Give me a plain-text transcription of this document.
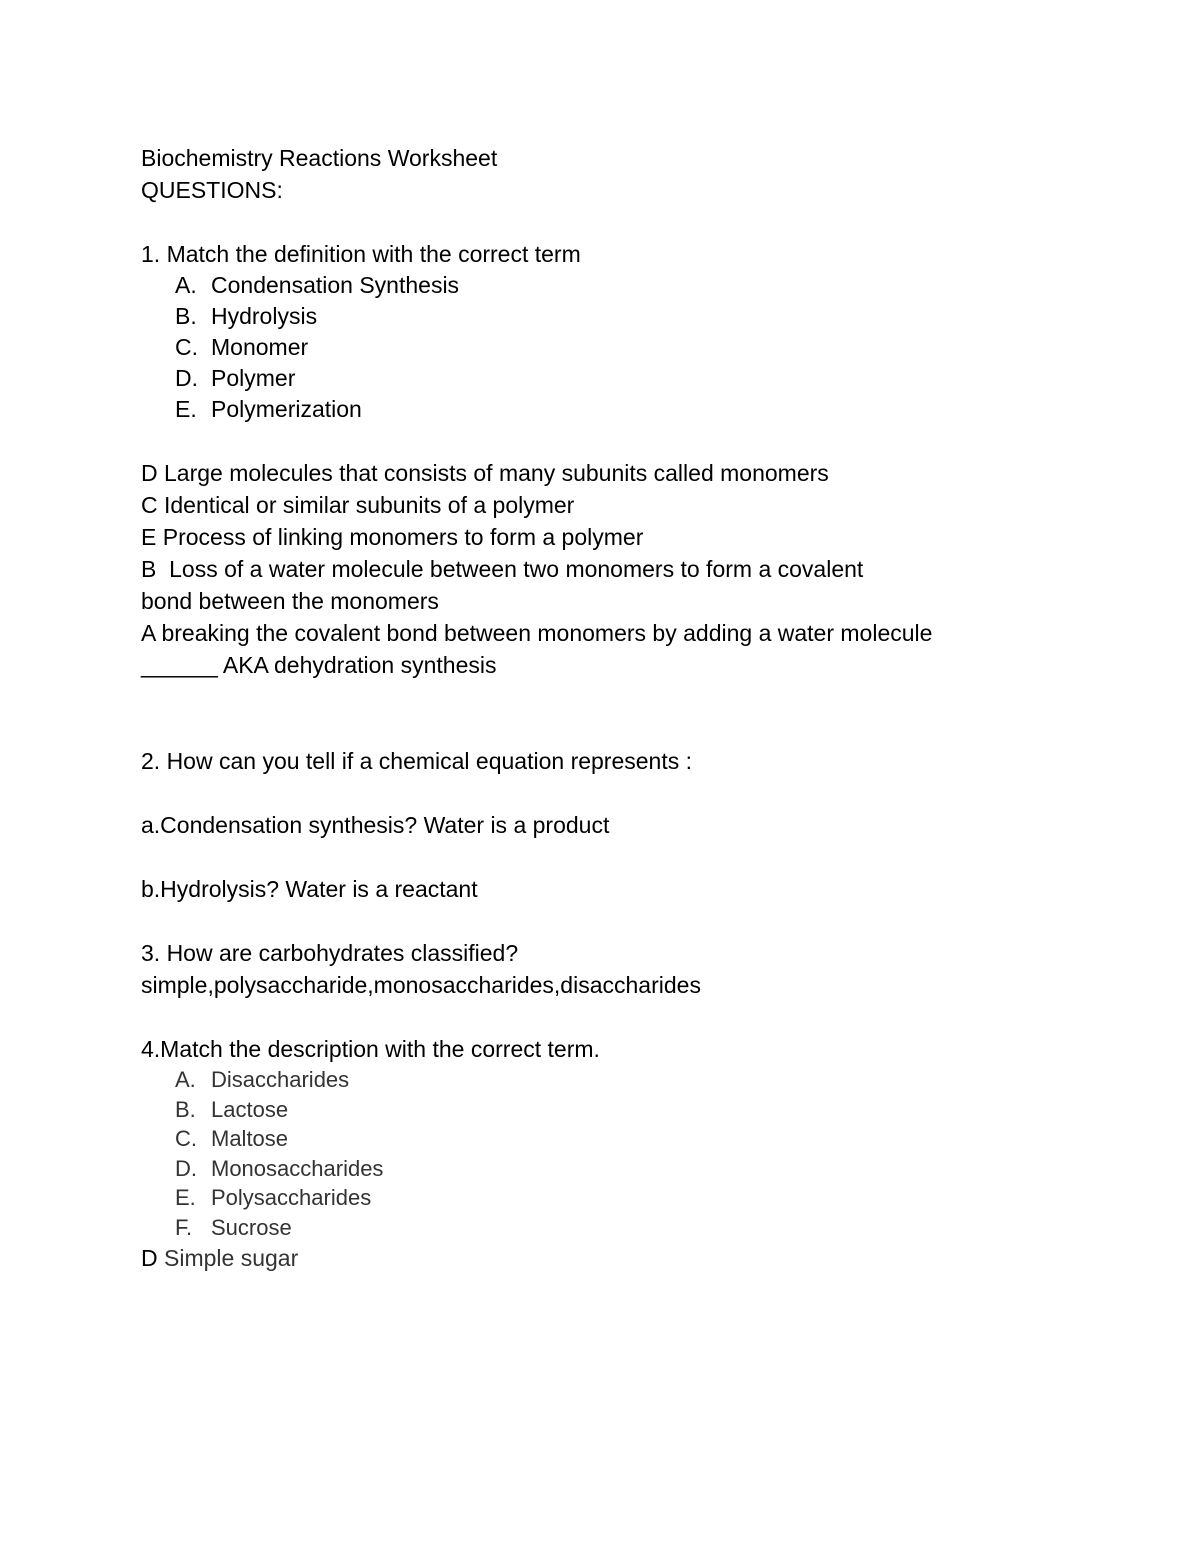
Biochemistry Reactions Worksheet
QUESTIONS:
1. Match the definition with the correct term
A. Condensation Synthesis
B. Hydrolysis
C. Monomer
D. Polymer
E. Polymerization
D Large molecules that consists of many subunits called monomers
C Identical or similar subunits of a polymer
E Process of linking monomers to form a polymer
B  Loss of a water molecule between two monomers to form a covalent
bond between the monomers
A breaking the covalent bond between monomers by adding a water molecule
______ AKA dehydration synthesis
2. How can you tell if a chemical equation represents :
a.Condensation synthesis? Water is a product
b.Hydrolysis? Water is a reactant
3. How are carbohydrates classified?
simple,polysaccharide,monosaccharides,disaccharides
4.Match the description with the correct term.
A. Disaccharides
B. Lactose
C. Maltose
D. Monosaccharides
E. Polysaccharides
F. Sucrose
D Simple sugar
